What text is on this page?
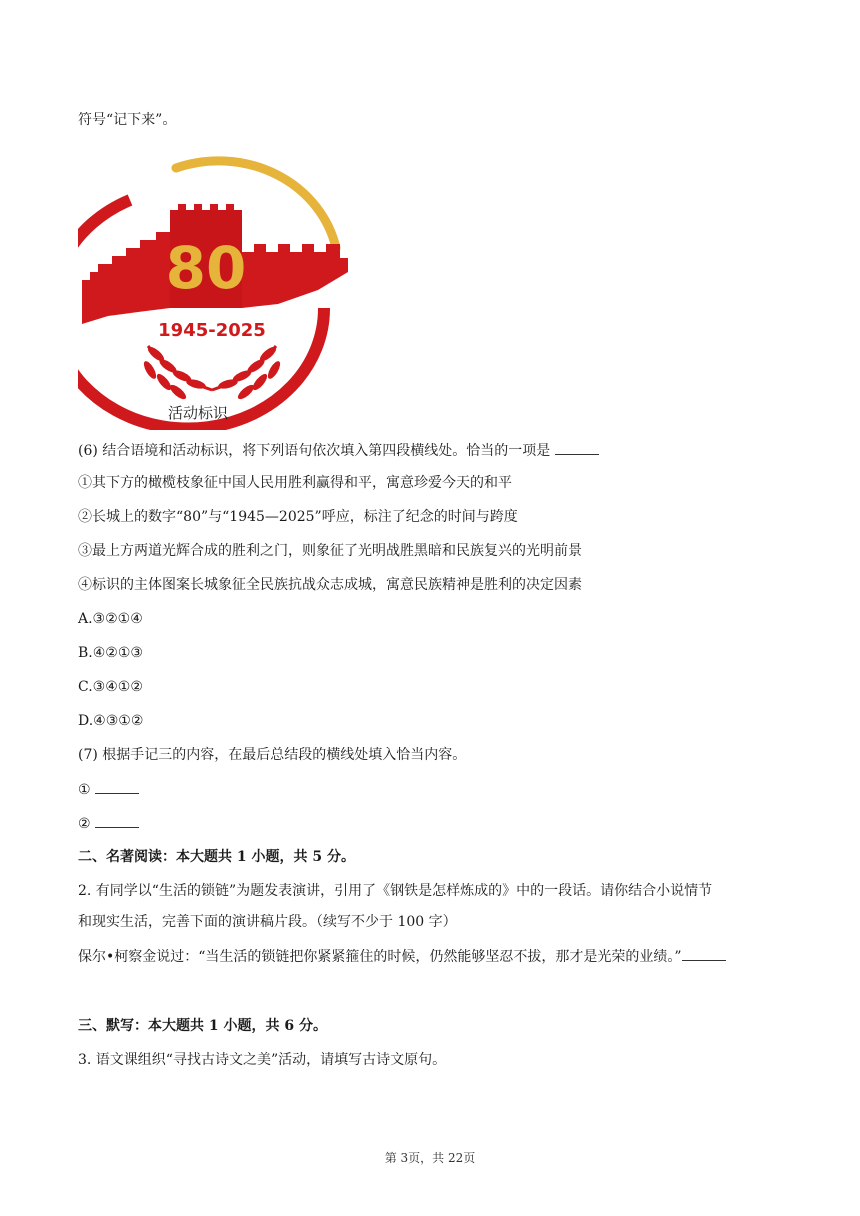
符号“记下来”。
80
1945-2025
活动标识
(6) 结合语境和活动标识，将下列语句依次填入第四段横线处。恰当的一项是
①其下方的橄榄枝象征中国人民用胜利赢得和平，寓意珍爱今天的和平
②长城上的数字“80”与“1945—2025”呼应，标注了纪念的时间与跨度
③最上方两道光辉合成的胜利之门，则象征了光明战胜黑暗和民族复兴的光明前景
④标识的主体图案长城象征全民族抗战众志成城，寓意民族精神是胜利的决定因素
A.③②①④
B.④②①③
C.③④①②
D.④③①②
(7) 根据手记三的内容，在最后总结段的横线处填入恰当内容。
①
②
二、名著阅读：本大题共 1 小题，共 5 分。
2. 有同学以“生活的锁链”为题发表演讲，引用了《钢铁是怎样炼成的》中的一段话。请你结合小说情节
和现实生活，完善下面的演讲稿片段。（续写不少于 100 字）
保尔•柯察金说过：“当生活的锁链把你紧紧箍住的时候，仍然能够坚忍不拔，那才是光荣的业绩。”
三、默写：本大题共 1 小题，共 6 分。
3. 语文课组织“寻找古诗文之美”活动，请填写古诗文原句。
第 3页，共 22页
